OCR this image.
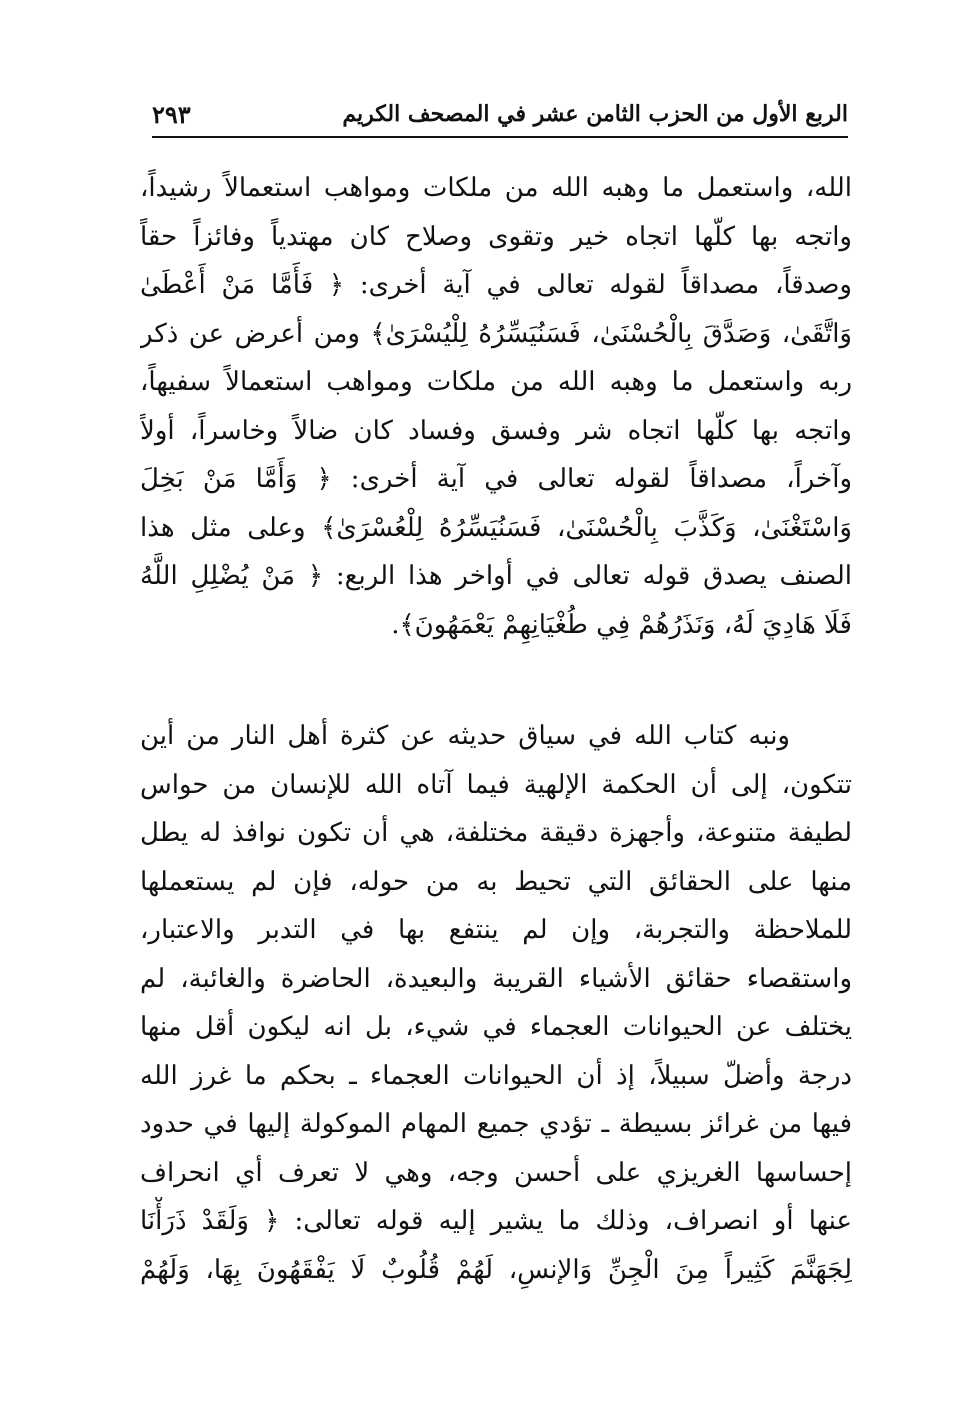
الربع الأول من الحزب الثامن عشر في المصحف الكريم
٢٩٣
الله، واستعمل ما وهبه الله من ملكات ومواهب استعمالاً رشيداً،
واتجه بها كلّها اتجاه خير وتقوى وصلاح كان مهتدياً وفائزاً حقاً
وصدقاً، مصداقاً لقوله تعالى في آية أخرى: ﴿ فَأَمَّا مَنْ أَعْطَىٰ
وَاتَّقَىٰ، وَصَدَّقَ بِالْحُسْنَىٰ، فَسَنُيَسِّرُهُ لِلْيُسْرَىٰ﴾ ومن أعرض عن ذكر
ربه واستعمل ما وهبه الله من ملكات ومواهب استعمالاً سفيهاً،
واتجه بها كلّها اتجاه شر وفسق وفساد كان ضالاً وخاسراً، أولاً
وآخراً، مصداقاً لقوله تعالى في آية أخرى: ﴿ وَأَمَّا مَنْ بَخِلَ
وَاسْتَغْنَىٰ، وَكَذَّبَ بِالْحُسْنَىٰ، فَسَنُيَسِّرُهُ لِلْعُسْرَىٰ﴾ وعلى مثل هذا
الصنف يصدق قوله تعالى في أواخر هذا الربع: ﴿ مَنْ يُضْلِلِ اللَّهُ
فَلَا هَادِيَ لَهُ، وَنَذَرُهُمْ فِي طُغْيَانِهِمْ يَعْمَهُونَ﴾.
ونبه كتاب الله في سياق حديثه عن كثرة أهل النار من أين
تتكون، إلى أن الحكمة الإلهية فيما آتاه الله للإنسان من حواس
لطيفة متنوعة، وأجهزة دقيقة مختلفة، هي أن تكون نوافذ له يطل
منها على الحقائق التي تحيط به من حوله، فإن لم يستعملها
للملاحظة والتجربة، وإن لم ينتفع بها في التدبر والاعتبار،
واستقصاء حقائق الأشياء القريبة والبعيدة، الحاضرة والغائبة، لم
يختلف عن الحيوانات العجماء في شيء، بل انه ليكون أقل منها
درجة وأضلّ سبيلاً، إذ أن الحيوانات العجماء ـ بحكم ما غرز الله
فيها من غرائز بسيطة ـ تؤدي جميع المهام الموكولة إليها في حدود
إحساسها الغريزي على أحسن وجه، وهي لا تعرف أي انحراف
عنها أو انصراف، وذلك ما يشير إليه قوله تعالى: ﴿ وَلَقَدْ ذَرَأْنَا
لِجَهَنَّمَ كَثِيراً مِنَ الْجِنِّ وَالإنسِ، لَهُمْ قُلُوبٌ لَا يَفْقَهُونَ بِهَا، وَلَهُمْ
